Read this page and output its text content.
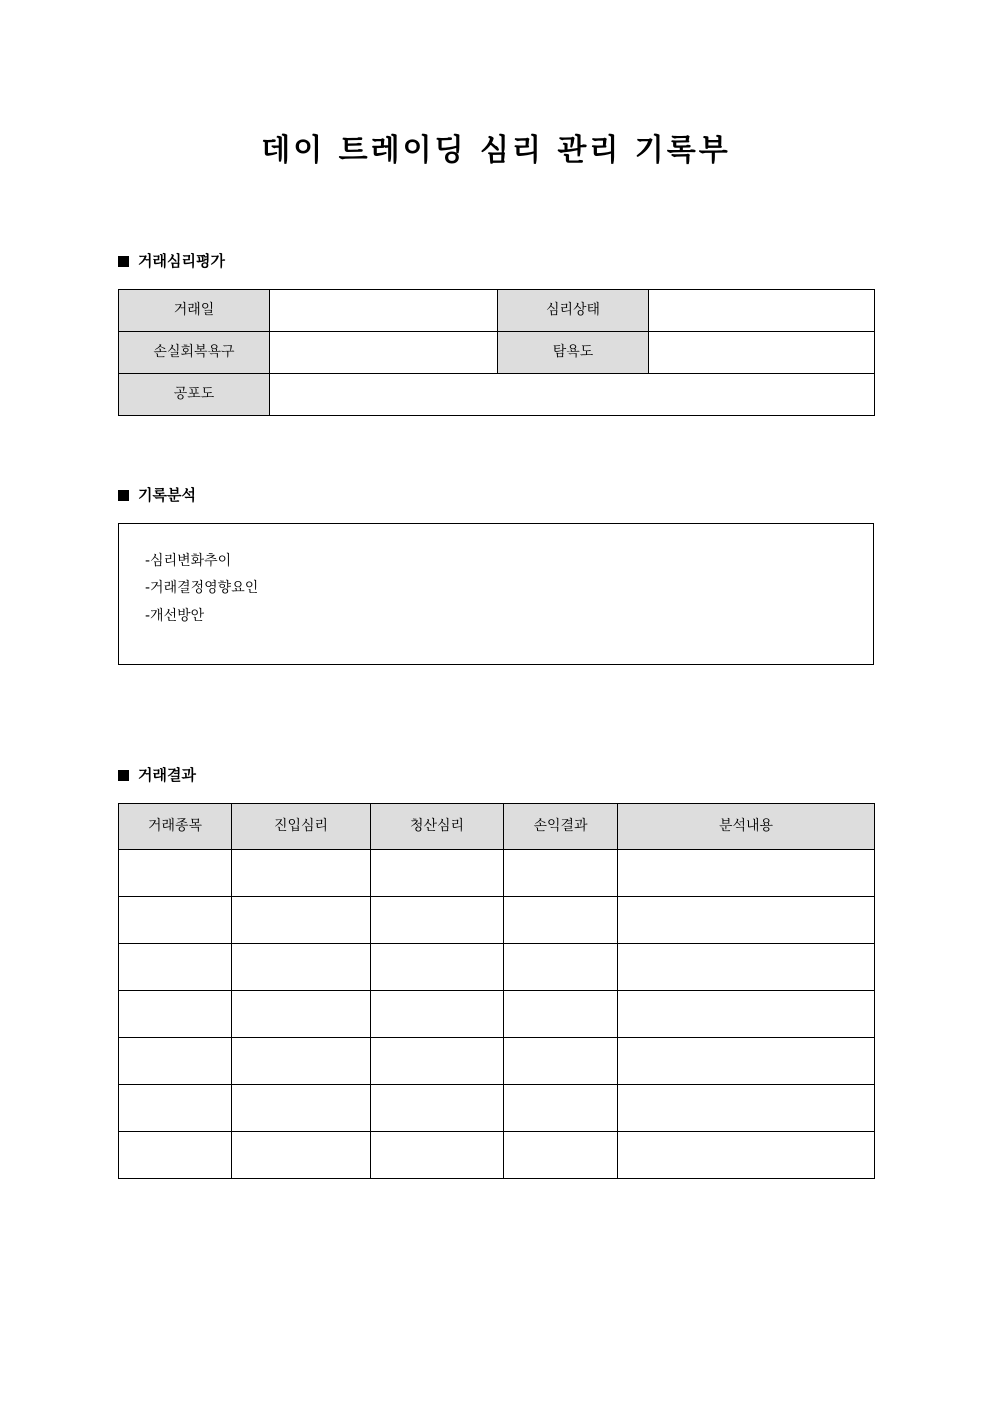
데이 트레이딩 심리 관리 기록부
거래심리평가
거래일		심리상태	
손실회복욕구		탐욕도	
공포도			
기록분석
-심리변화추이
-거래결정영향요인
-개선방안
거래결과
거래종목	진입심리	청산심리	손익결과	분석내용
